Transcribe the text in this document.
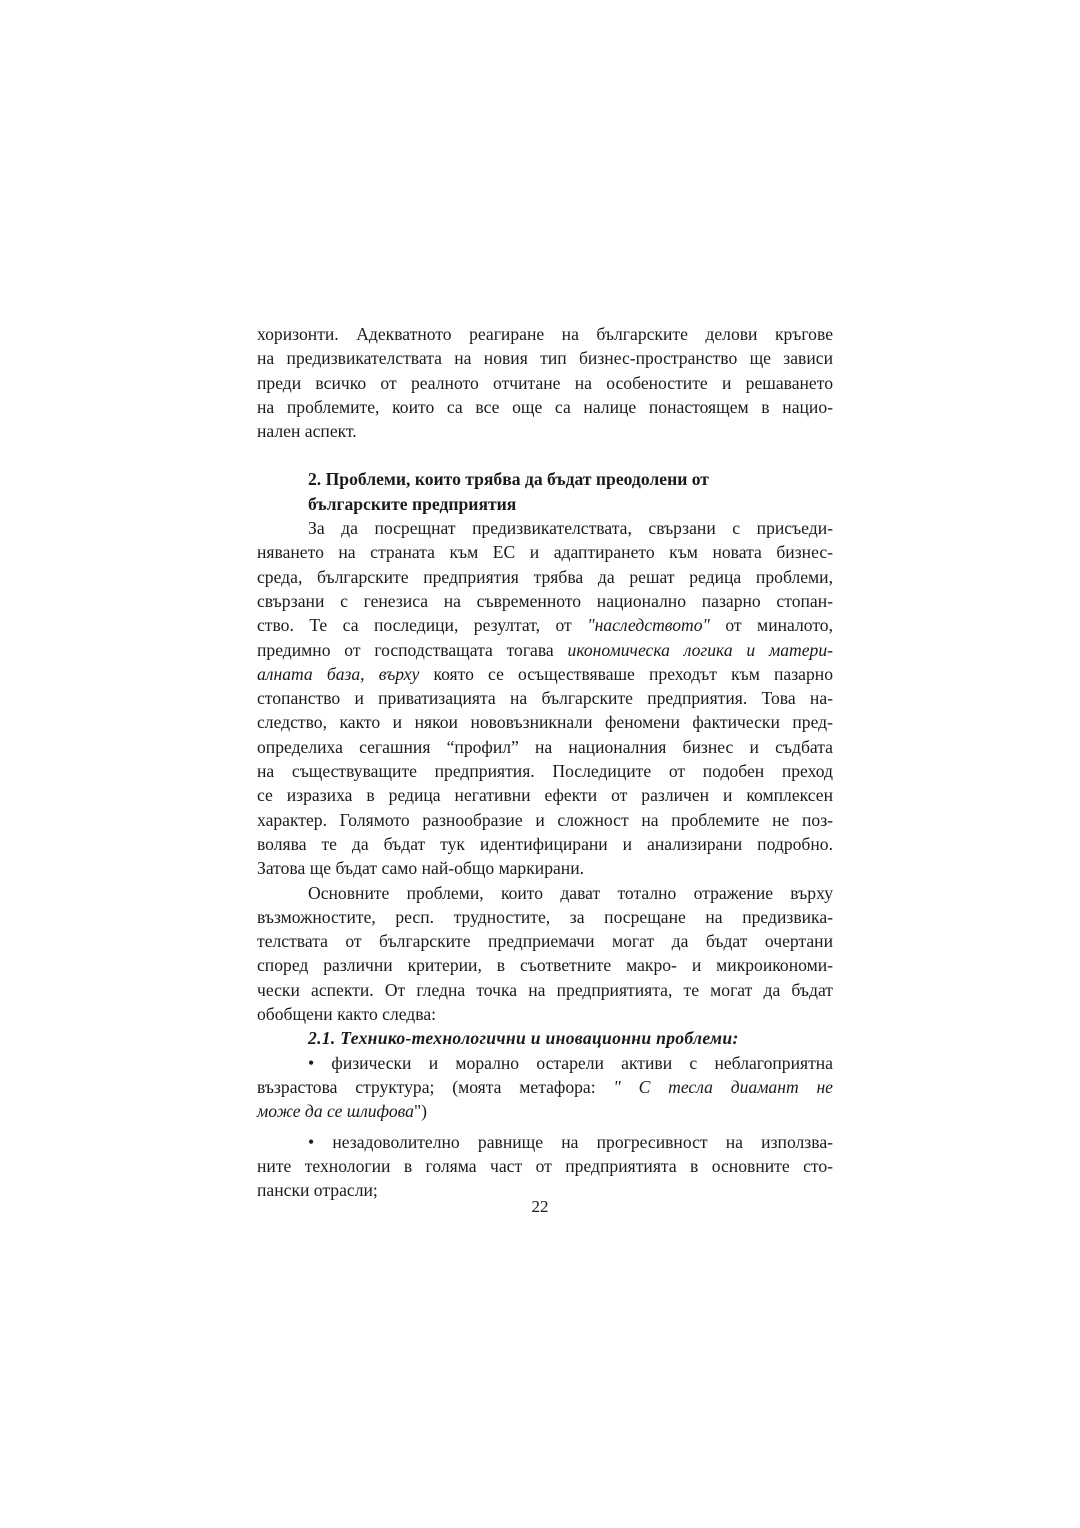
хоризонти. Адекватното реагиране на българските делови кръгове
на предизвикателствата на новия тип бизнес-пространство ще зависи
преди всичко от реалното отчитане на особеностите и решаването
на проблемите, които са все още са налице понастоящем в нацио-
нален аспект.
2. Проблеми, които трябва да бъдат преодолени от
българските предприятия
За да посрещнат предизвикателствата, свързани с присъеди-
няването на страната към ЕС и адаптирането към новата бизнес-
среда, българските предприятия трябва да решат редица проблеми,
свързани с генезиса на съвременното национално пазарно стопан-
ство. Те са последици, резултат, от "наследството" от миналото,
предимно от господстващата тогава икономическа логика и матери-
алната база, върху която се осъществяваше преходът към пазарно
стопанство и приватизацията на българските предприятия. Това на-
следство, както и някои нововъзникнали феномени фактически пред-
определиха сегашния “профил” на националния бизнес и съдбата
на съществуващите предприятия. Последиците от подобен преход
се изразиха в редица негативни ефекти от различен и комплексен
характер. Голямото разнообразие и сложност на проблемите не поз-
волява те да бъдат тук идентифицирани и анализирани подробно.
Затова ще бъдат само най-общо маркирани.
Основните проблеми, които дават тотално отражение върху
възможностите, респ. трудностите, за посрещане на предизвика-
телствата от българските предприемачи могат да бъдат очертани
според различни критерии, в съответните макро- и микроикономи-
чески аспекти. От гледна точка на предприятията, те могат да бъдат
обобщени както следва:
2.1. Технико-технологични и иновационни проблеми:
• физически и морално остарели активи с неблагоприятна
възрастова структура; (моята метафора: " С тесла диамант не
може да се шлифова")
• незадоволително равнище на прогресивност на използва-
ните технологии в голяма част от предприятията в основните сто-
пански отрасли;
22
